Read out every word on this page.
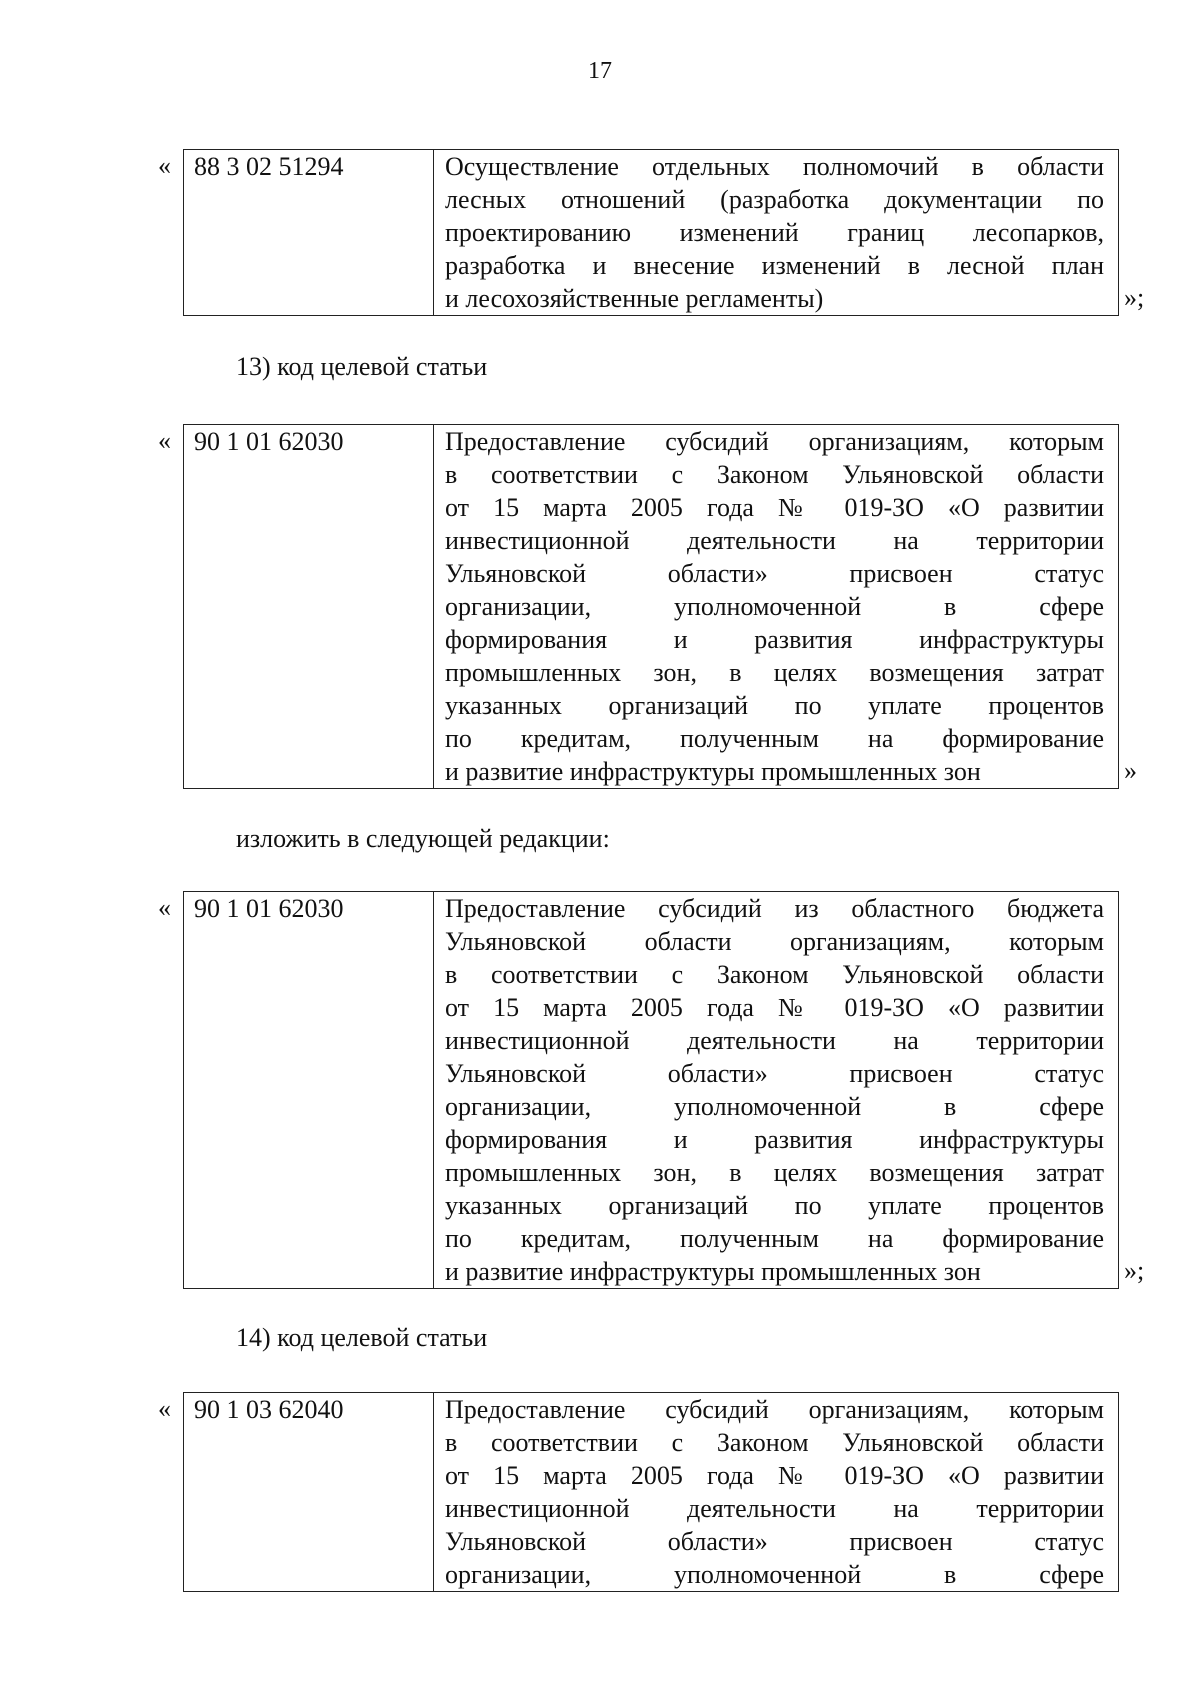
17
« 88 3 02 51294	Осуществление отдельных полномочий в области
лесных отношений (разработка документации по
проектированию изменений границ лесопарков,
разработка и внесение изменений в лесной план
и лесохозяйственные регламенты)	»;
13) код целевой статьи
« 90 1 01 62030	Предоставление субсидий организациям, которым
в соответствии с Законом Ульяновской области
от 15 марта 2005 года № 019-ЗО «О развитии
инвестиционной деятельности на территории
Ульяновской области» присвоен статус
организации, уполномоченной в сфере
формирования и развития инфраструктуры
промышленных зон, в целях возмещения затрат
указанных организаций по уплате процентов
по кредитам, полученным на формирование
и развитие инфраструктуры промышленных зон	»
изложить в следующей редакции:
« 90 1 01 62030	Предоставление субсидий из областного бюджета
Ульяновской области организациям, которым
в соответствии с Законом Ульяновской области
от 15 марта 2005 года № 019-ЗО «О развитии
инвестиционной деятельности на территории
Ульяновской области» присвоен статус
организации, уполномоченной в сфере
формирования и развития инфраструктуры
промышленных зон, в целях возмещения затрат
указанных организаций по уплате процентов
по кредитам, полученным на формирование
и развитие инфраструктуры промышленных зон	»;
14) код целевой статьи
« 90 1 03 62040	Предоставление субсидий организациям, которым
в соответствии с Законом Ульяновской области
от 15 марта 2005 года № 019-ЗО «О развитии
инвестиционной деятельности на территории
Ульяновской области» присвоен статус
организации, уполномоченной в сфере
